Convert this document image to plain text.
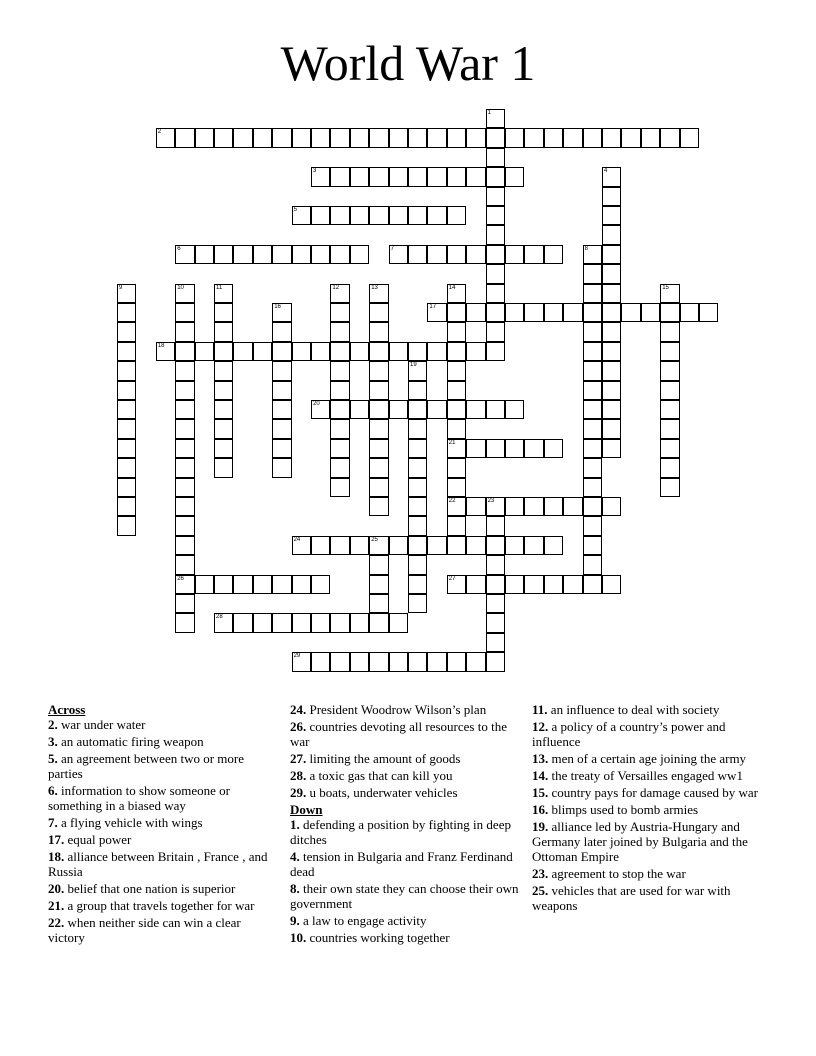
World War 1
2
3
5
6	7
17
18
20
21
22	23
24	25
26	27
28
29
1
4
8
9	10	11	12	13	14	15
16
19
Across
2. war under water
3. an automatic firing weapon
5. an agreement between two or more parties
6. information to show someone or something in a biased way
7. a flying vehicle with wings
17. equal power
18. alliance between Britain , France , and Russia
20. belief that one nation is superior
21. a group that travels together for war
22. when neither side can win a clear victory
24. President Woodrow Wilson’s plan
26. countries devoting all resources to the war
27. limiting the amount of goods
28. a toxic gas that can kill you
29. u boats, underwater vehicles
Down
1. defending a position by fighting in deep ditches
4. tension in Bulgaria and Franz Ferdinand dead
8. their own state they can choose their own government
9. a law to engage activity
10. countries working together
11. an influence to deal with society
12. a policy of a country’s power and influence
13. men of a certain age joining the army
14. the treaty of Versailles engaged ww1
15. country pays for damage caused by war
16. blimps used to bomb armies
19. alliance led by Austria-Hungary and Germany later joined by Bulgaria and the Ottoman Empire
23. agreement to stop the war
25. vehicles that are used for war with weapons
